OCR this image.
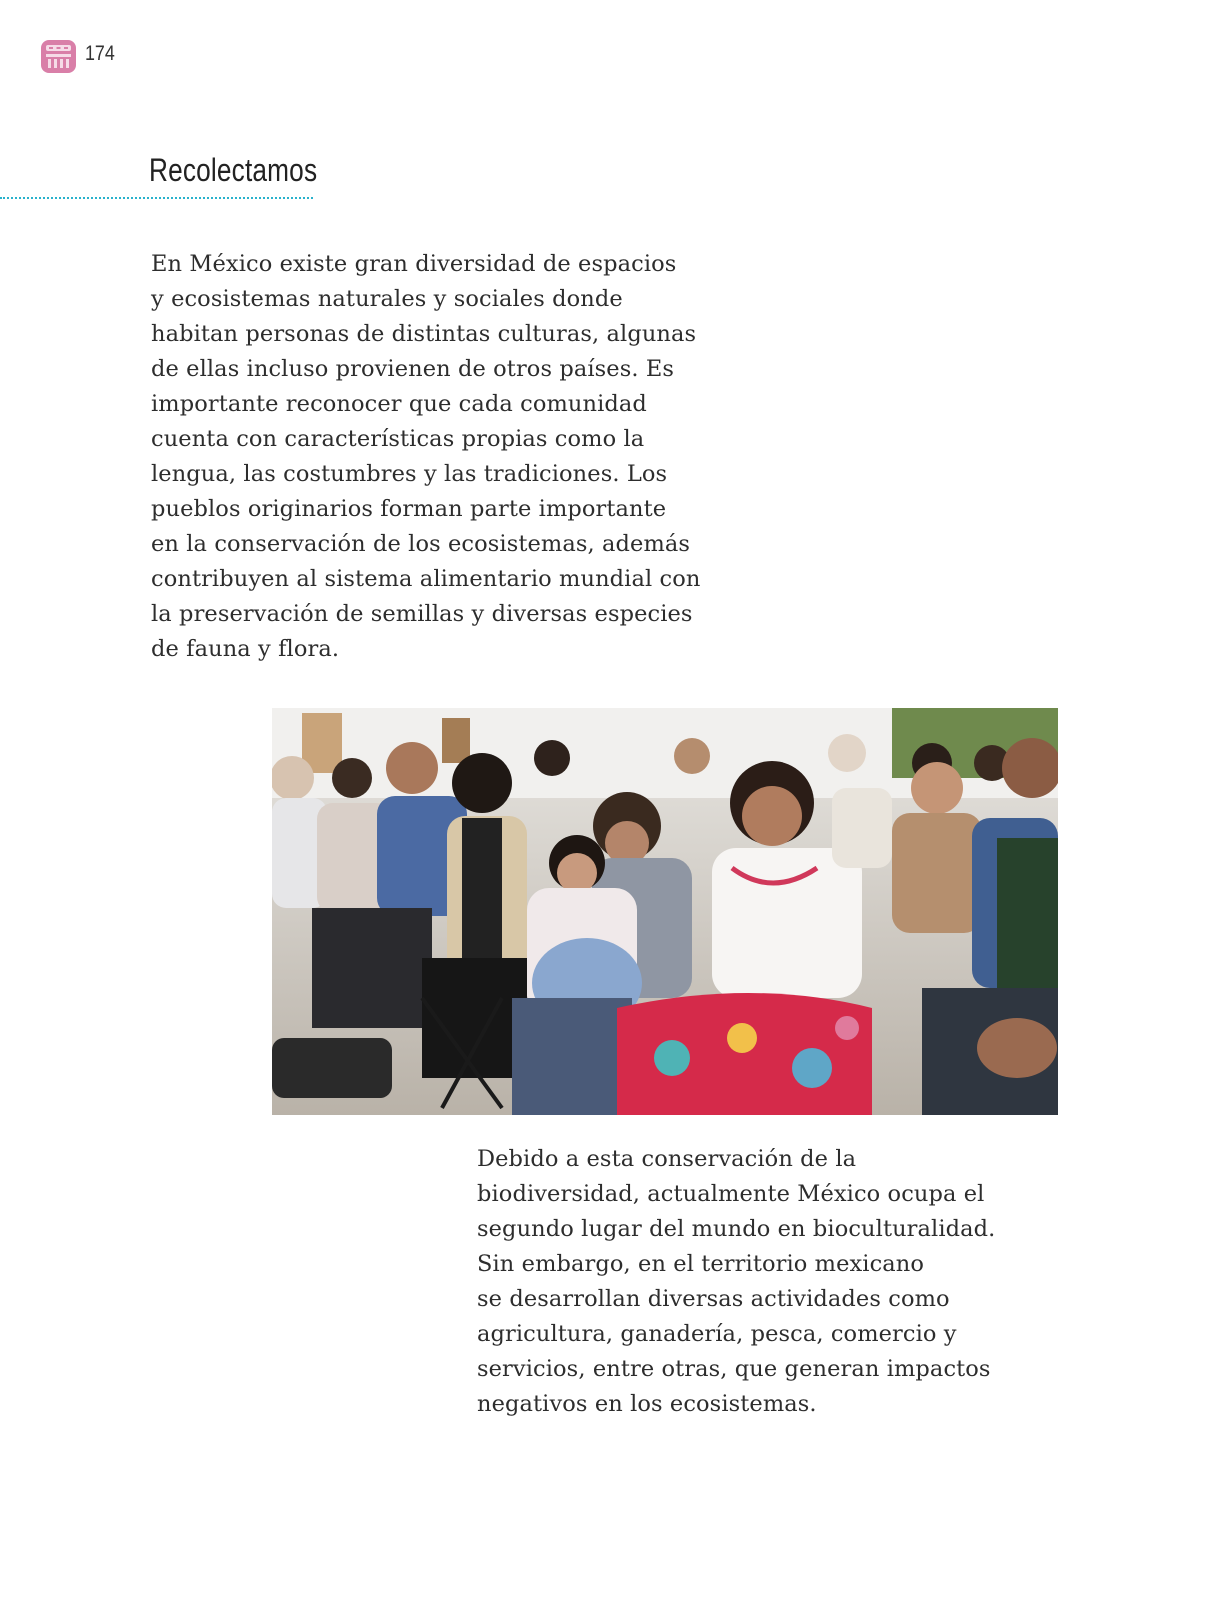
174
Recolectamos

En México existe gran diversidad de espacios
y ecosistemas naturales y sociales donde
habitan personas de distintas culturas, algunas
de ellas incluso provienen de otros países. Es
importante reconocer que cada comunidad
cuenta con características propias como la
lengua, las costumbres y las tradiciones. Los
pueblos originarios forman parte importante
en la conservación de los ecosistemas, además
contribuyen al sistema alimentario mundial con
la preservación de semillas y diversas especies
de fauna y flora.

Debido a esta conservación de la
biodiversidad, actualmente México ocupa el
segundo lugar del mundo en bioculturalidad.
Sin embargo, en el territorio mexicano
se desarrollan diversas actividades como
agricultura, ganadería, pesca, comercio y
servicios, entre otras, que generan impactos
negativos en los ecosistemas.
